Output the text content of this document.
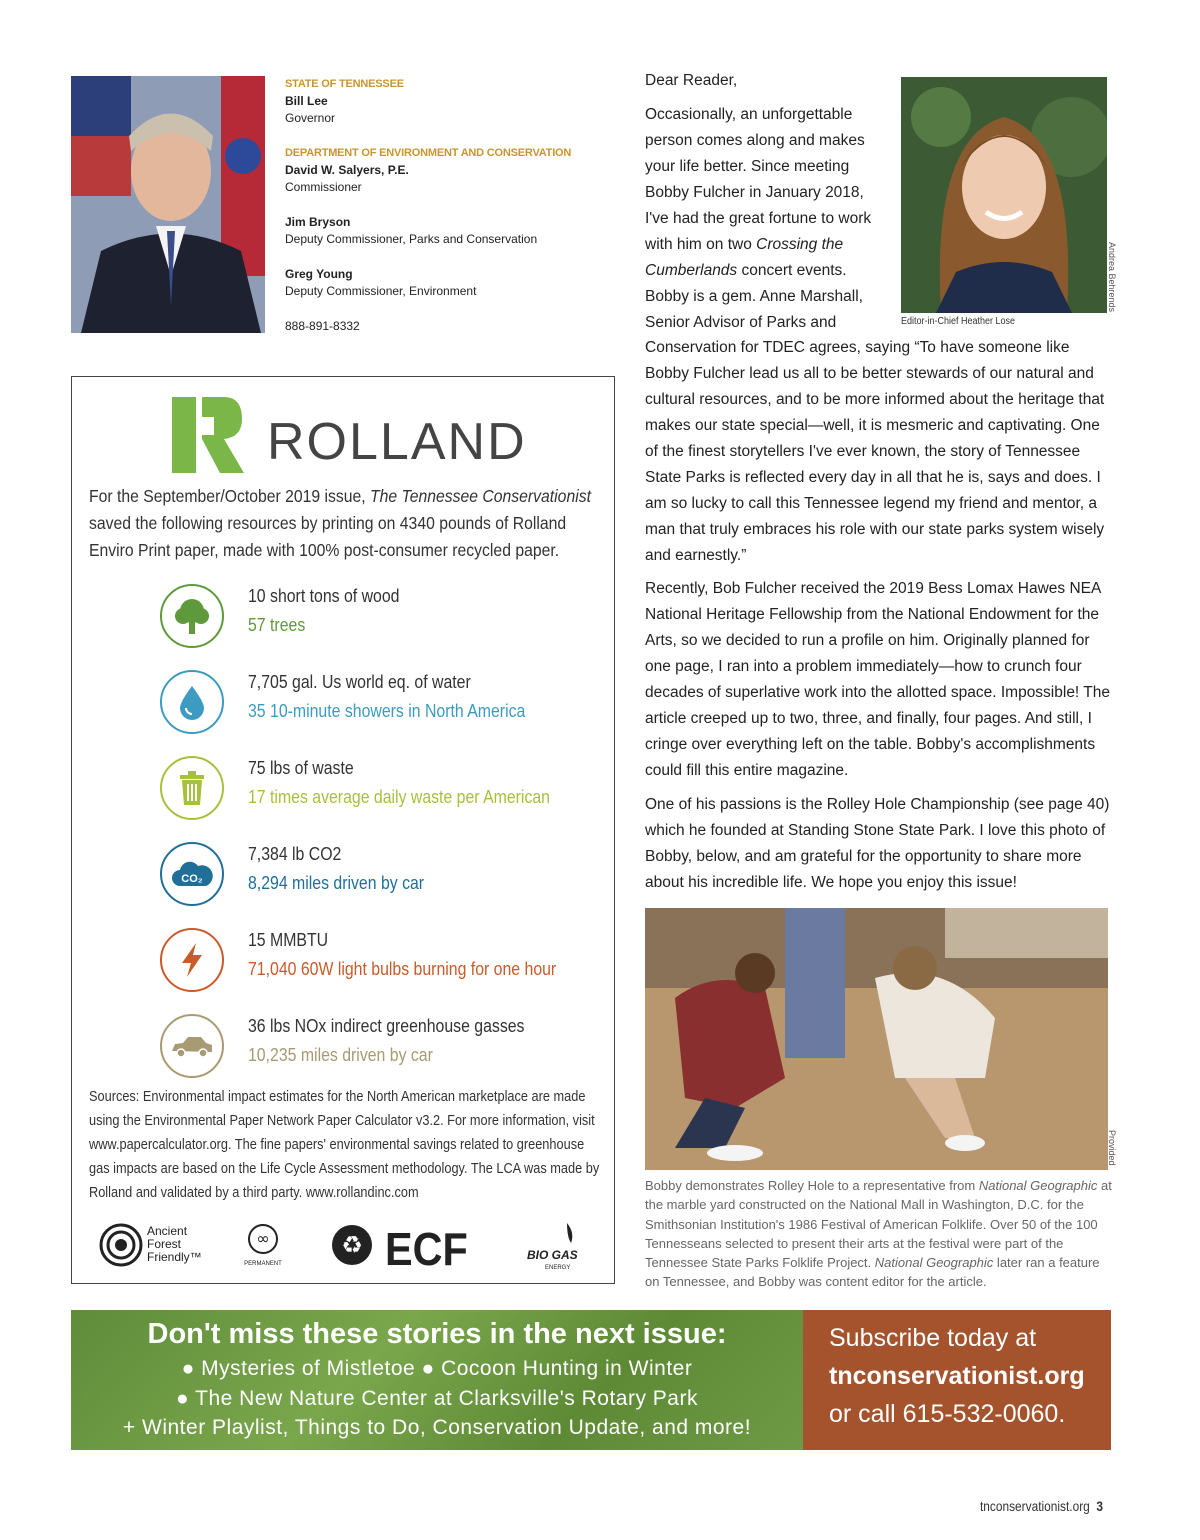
STATE OF TENNESSEE
Bill Lee
Governor
DEPARTMENT OF ENVIRONMENT AND CONSERVATION
David W. Salyers, P.E.
Commissioner
Jim Bryson
Deputy Commissioner, Parks and Conservation
Greg Young
Deputy Commissioner, Environment
888-891-8332
ROLLAND
For the September/October 2019 issue, The Tennessee Conservationist saved the following resources by printing on 4340 pounds of Rolland Enviro Print paper, made with 100% post-consumer recycled paper.
10 short tons of wood
57 trees
7,705 gal. Us world eq. of water
35 10-minute showers in North America
75 lbs of waste
17 times average daily waste per American
CO₂
7,384 lb CO2
8,294 miles driven by car
15 MMBTU
71,040 60W light bulbs burning for one hour
36 lbs NOx indirect greenhouse gasses
10,235 miles driven by car
Sources: Environmental impact estimates for the North American marketplace are made using the Environmental Paper Network Paper Calculator v3.2. For more information, visit www.papercalculator.org. The fine papers' environmental savings related to greenhouse gas impacts are based on the Life Cycle Assessment methodology. The LCA was made by Rolland and validated by a third party. www.rollandinc.com
Ancient
Forest
Friendly™
∞
PERMANENT
♻ ECF	BIO GAS
ENERGY
Dear Reader,
Occasionally, an unforgettable person comes along and makes your life better. Since meeting Bobby Fulcher in January 2018, I've had the great fortune to work with him on two Crossing the Cumberlands concert events. Bobby is a gem. Anne Marshall, Senior Advisor of Parks and
Conservation for TDEC agrees, saying “To have someone like Bobby Fulcher lead us all to be better stewards of our natural and cultural resources, and to be more informed about the heritage that makes our state special—well, it is mesmeric and captivating. One of the finest storytellers I've ever known, the story of Tennessee State Parks is reflected every day in all that he is, says and does. I am so lucky to call this Tennessee legend my friend and mentor, a man that truly embraces his role with our state parks system wisely and earnestly.”
Recently, Bob Fulcher received the 2019 Bess Lomax Hawes NEA National Heritage Fellowship from the National Endowment for the Arts, so we decided to run a profile on him. Originally planned for one page, I ran into a problem immediately—how to crunch four decades of superlative work into the allotted space. Impossible! The article creeped up to two, three, and finally, four pages. And still, I cringe over everything left on the table. Bobby's accomplishments could fill this entire magazine.
One of his passions is the Rolley Hole Championship (see page 40) which he founded at Standing Stone State Park. I love this photo of Bobby, below, and am grateful for the opportunity to share more about his incredible life. We hope you enjoy this issue!
Andrea Behrends
Editor-in-Chief Heather Lose
Provided
Bobby demonstrates Rolley Hole to a representative from National Geographic at the marble yard constructed on the National Mall in Washington, D.C. for the Smithsonian Institution's 1986 Festival of American Folklife. Over 50 of the 100 Tennesseans selected to present their arts at the festival were part of the Tennessee State Parks Folklife Project. National Geographic later ran a feature on Tennessee, and Bobby was content editor for the article.
Don't miss these stories in the next issue:
● Mysteries of Mistletoe ● Cocoon Hunting in Winter
● The New Nature Center at Clarksville's Rotary Park
+ Winter Playlist, Things to Do, Conservation Update, and more!
Subscribe today at
tnconservationist.org
or call 615-532-0060.
tnconservationist.org 3
